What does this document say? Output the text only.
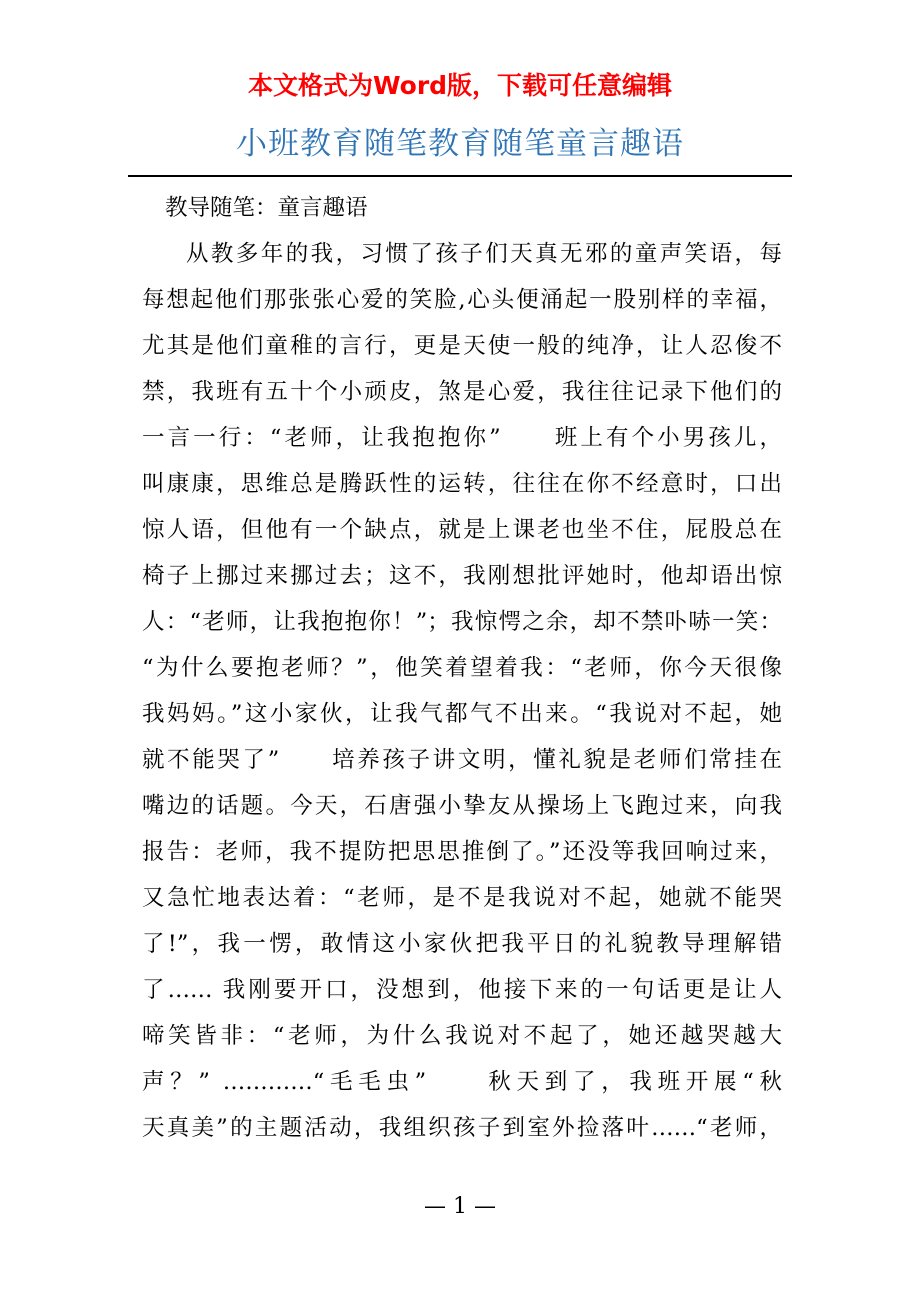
本文格式为Word版，下载可任意编辑
小班教育随笔教育随笔童言趣语
教导随笔：童言趣语
从教多年的我，习惯了孩子们天真无邪的童声笑语，每
每想起他们那张张心爱的笑脸,心头便涌起一股别样的幸福，
尤其是他们童稚的言行，更是天使一般的纯净，让人忍俊不
禁，我班有五十个小顽皮，煞是心爱，我往往记录下他们的
一言一行：“老师，让我抱抱你”　　班上有个小男孩儿，
叫康康，思维总是腾跃性的运转，往往在你不经意时，口出
惊人语，但他有一个缺点，就是上课老也坐不住，屁股总在
椅子上挪过来挪过去；这不，我刚想批评她时，他却语出惊
人：“老师，让我抱抱你！”；我惊愕之余，却不禁卟哧一笑：
“为什么要抱老师？”，他笑着望着我：“老师，你今天很像
我妈妈。”这小家伙，让我气都气不出来。“我说对不起，她
就不能哭了”　　培养孩子讲文明，懂礼貌是老师们常挂在
嘴边的话题。今天，石唐强小挚友从操场上飞跑过来，向我
报告：老师，我不提防把思思推倒了。”还没等我回响过来，
又急忙地表达着：“老师，是不是我说对不起，她就不能哭
了!”，我一愣，敢情这小家伙把我平日的礼貌教导理解错
了…… 我刚要开口，没想到，他接下来的一句话更是让人
啼笑皆非：“老师，为什么我说对不起了，她还越哭越大
声？” …………“毛毛虫”　　秋天到了，我班开展“秋
天真美”的主题活动，我组织孩子到室外捡落叶……“老师，
— 1 —
